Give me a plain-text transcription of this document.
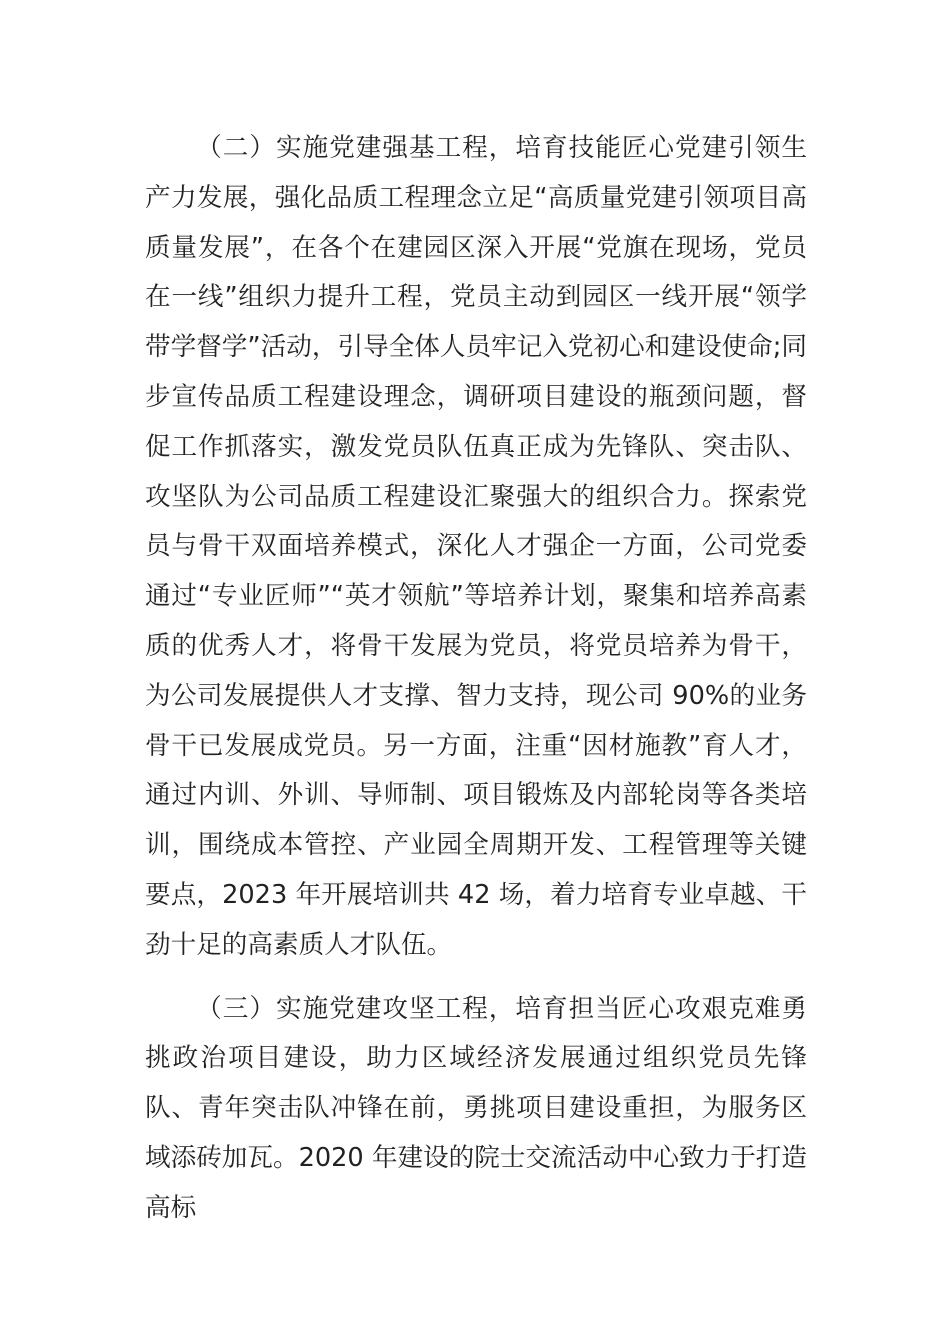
（二）实施党建强基工程，培育技能匠心党建引领生产力发展，强化品质工程理念立足“高质量党建引领项目高质量发展”，在各个在建园区深入开展“党旗在现场，党员在一线”组织力提升工程，党员主动到园区一线开展“领学带学督学”活动，引导全体人员牢记入党初心和建设使命;同步宣传品质工程建设理念，调研项目建设的瓶颈问题，督促工作抓落实，激发党员队伍真正成为先锋队、突击队、攻坚队为公司品质工程建设汇聚强大的组织合力。探索党员与骨干双面培养模式，深化人才强企一方面，公司党委通过“专业匠师”“英才领航”等培养计划，聚集和培养高素质的优秀人才，将骨干发展为党员，将党员培养为骨干，为公司发展提供人才支撑、智力支持，现公司 90%的业务骨干已发展成党员。另一方面，注重“因材施教”育人才，通过内训、外训、导师制、项目锻炼及内部轮岗等各类培训，围绕成本管控、产业园全周期开发、工程管理等关键要点，2023 年开展培训共 42 场，着力培育专业卓越、干劲十足的高素质人才队伍。

（三）实施党建攻坚工程，培育担当匠心攻艰克难勇挑政治项目建设，助力区域经济发展通过组织党员先锋队、青年突击队冲锋在前，勇挑项目建设重担，为服务区域添砖加瓦。2020 年建设的院士交流活动中心致力于打造高标
